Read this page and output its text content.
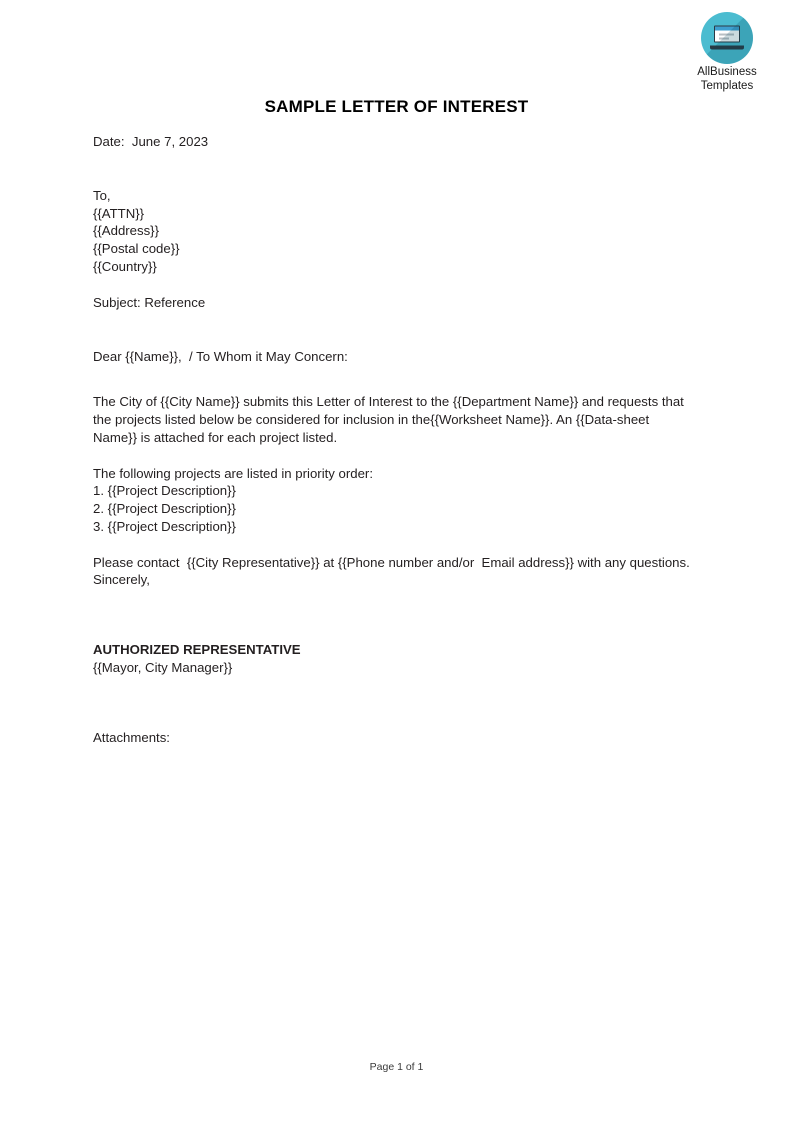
AllBusiness
Templates
SAMPLE LETTER OF INTEREST
Date:  June 7, 2023
To,
{{ATTN}}
{{Address}}
{{Postal code}}
{{Country}}
Subject: Reference
Dear {{Name}},  / To Whom it May Concern:
The City of {{City Name}} submits this Letter of Interest to the {{Department Name}} and requests that the projects listed below be considered for inclusion in the{{Worksheet Name}}. An {{Data-sheet Name}} is attached for each project listed.
The following projects are listed in priority order:
1. {{Project Description}}
2. {{Project Description}}
3. {{Project Description}}
Please contact  {{City Representative}} at {{Phone number and/or  Email address}} with any questions.
Sincerely,
AUTHORIZED REPRESENTATIVE
{{Mayor, City Manager}}
Attachments:
Page 1 of 1
